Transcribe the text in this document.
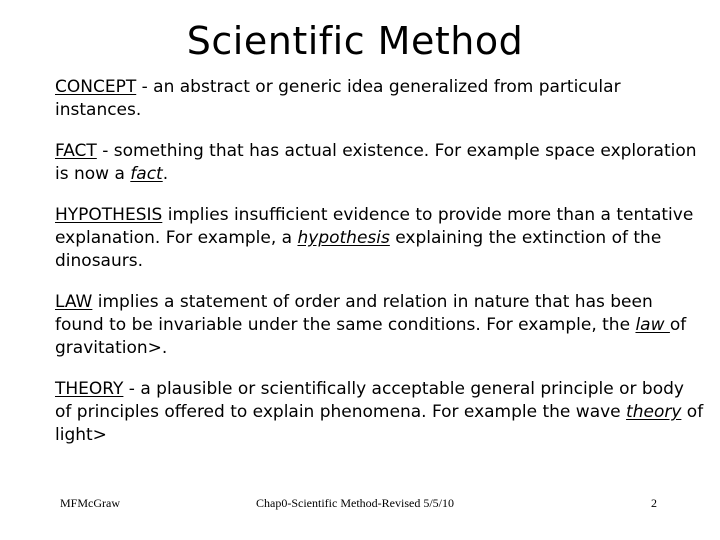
Scientific Method

CONCEPT - an abstract or generic idea generalized from particular instances.

FACT - something that has actual existence. For example space exploration is now a fact.

HYPOTHESIS implies insufficient evidence to provide more than a tentative explanation. For example, a hypothesis explaining the extinction of the dinosaurs.

LAW implies a statement of order and relation in nature that has been found to be invariable under the same conditions. For example, the law of gravitation>.

THEORY - a plausible or scientifically acceptable general principle or body of principles offered to explain phenomena. For example the wave theory of light>

MFMcGraw	Chap0-Scientific Method-Revised 5/5/10	2
